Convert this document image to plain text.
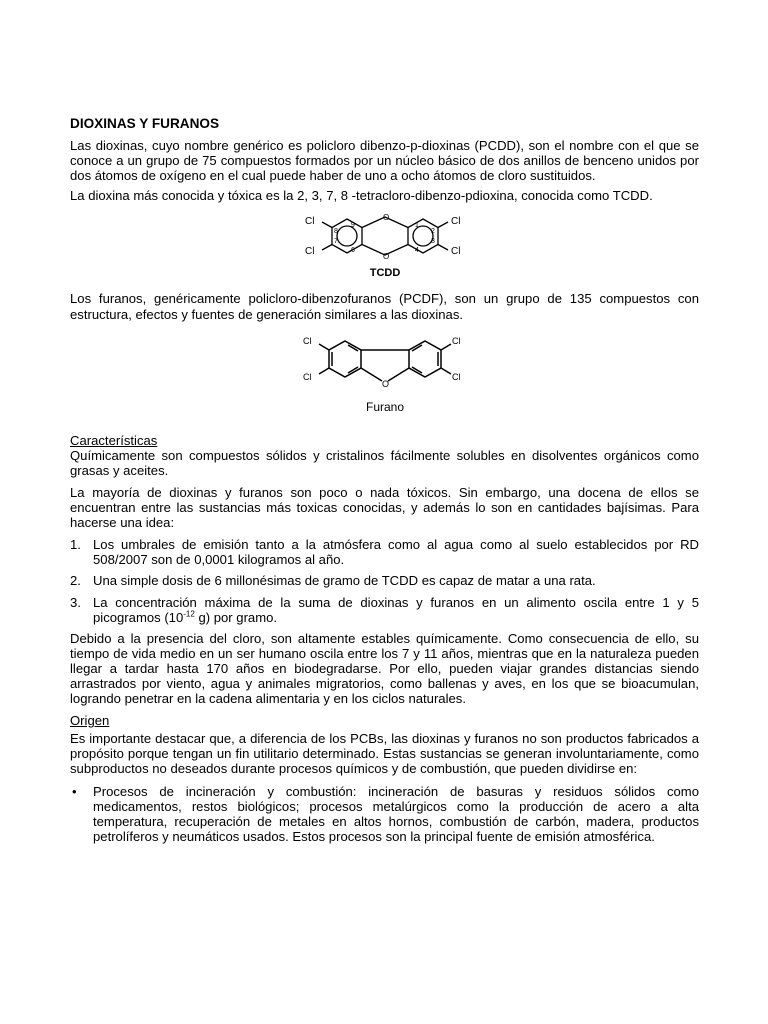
DIOXINAS Y FURANOS

Las dioxinas, cuyo nombre genérico es policloro dibenzo-p-dioxinas (PCDD), son el nombre con el que se conoce a un grupo de 75 compuestos formados por un núcleo básico de dos anillos de benceno unidos por dos átomos de oxígeno en el cual puede haber de uno a ocho átomos de cloro sustituidos.

La dioxina más conocida y tóxica es la 2, 3, 7, 8 -tetracloro-dibenzo-pdioxina, conocida como TCDD.

O
O
Cl
Cl
Cl
Cl
9	1
8	2
7	3
6	4
TCDD

Los furanos, genéricamente policloro-dibenzofuranos (PCDF), son un grupo de 135 compuestos con estructura, efectos y fuentes de generación similares a las dioxinas.

O
Cl
Cl
Cl
Cl
Furano

Características

Químicamente son compuestos sólidos y cristalinos fácilmente solubles en disolventes orgánicos como grasas y aceites.

La mayoría de dioxinas y furanos son poco o nada tóxicos. Sin embargo, una docena de ellos se encuentran entre las sustancias más toxicas conocidas, y además lo son en cantidades bajísimas. Para hacerse una idea:

1. Los umbrales de emisión tanto a la atmósfera como al agua como al suelo establecidos por RD 508/2007 son de 0,0001 kilogramos al año.
2. Una simple dosis de 6 millonésimas de gramo de TCDD es capaz de matar a una rata.
3. La concentración máxima de la suma de dioxinas y furanos en un alimento oscila entre 1 y 5 picogramos ($10^{-12}$ g) por gramo.

Debido a la presencia del cloro, son altamente estables químicamente. Como consecuencia de ello, su tiempo de vida medio en un ser humano oscila entre los 7 y 11 años, mientras que en la naturaleza pueden llegar a tardar hasta 170 años en biodegradarse. Por ello, pueden viajar grandes distancias siendo arrastrados por viento, agua y animales migratorios, como ballenas y aves, en los que se bioacumulan, logrando penetrar en la cadena alimentaria y en los ciclos naturales.

Origen

Es importante destacar que, a diferencia de los PCBs, las dioxinas y furanos no son productos fabricados a propósito porque tengan un fin utilitario determinado. Estas sustancias se generan involuntariamente, como subproductos no deseados durante procesos químicos y de combustión, que pueden dividirse en:

• Procesos de incineración y combustión: incineración de basuras y residuos sólidos como medicamentos, restos biológicos; procesos metalúrgicos como la producción de acero a alta temperatura, recuperación de metales en altos hornos, combustión de carbón, madera, productos petrolíferos y neumáticos usados. Estos procesos son la principal fuente de emisión atmosférica.
